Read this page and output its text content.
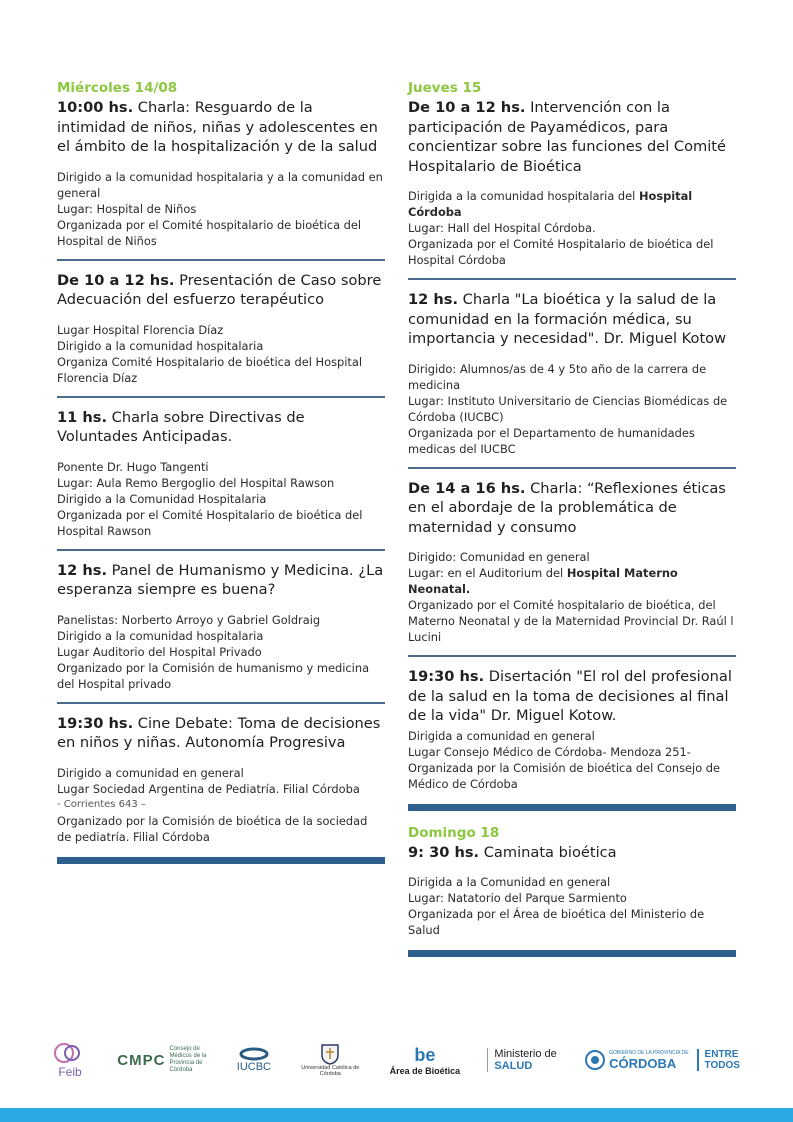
Miércoles 14/08

10:00 hs. Charla: Resguardo de la intimidad de niños, niñas y adolescentes en el ámbito de la hospitalización y de la salud

Dirigido a la comunidad hospitalaria y a la comunidad en general
Lugar: Hospital de Niños
Organizada por el Comité hospitalario de bioética del Hospital de Niños

De 10 a 12 hs. Presentación de Caso sobre Adecuación del esfuerzo terapéutico

Lugar Hospital Florencia Díaz
Dirigido a la comunidad hospitalaria
Organiza Comité Hospitalario de bioética del Hospital Florencia Díaz

11 hs. Charla sobre Directivas de Voluntades Anticipadas.

Ponente Dr. Hugo Tangenti
Lugar: Aula Remo Bergoglio del Hospital Rawson
Dirigido a la Comunidad Hospitalaria
Organizada por el Comité Hospitalario de bioética del Hospital Rawson

12 hs. Panel de Humanismo y Medicina. ¿La esperanza siempre es buena?

Panelistas: Norberto Arroyo y Gabriel Goldraig
Dirigido a la comunidad hospitalaria
Lugar Auditorio del Hospital Privado
Organizado por la Comisión de humanismo y medicina del Hospital privado

19:30 hs. Cine Debate: Toma de decisiones en niños y niñas. Autonomía Progresiva

Dirigido a comunidad en general
Lugar Sociedad Argentina de Pediatría. Filial Córdoba
- Corrientes 643 –
Organizado por la Comisión de bioética de la sociedad de pediatría. Filial Córdoba
Jueves 15

De 10 a 12 hs. Intervención con la participación de Payamédicos, para concientizar sobre las funciones del Comité Hospitalario de Bioética

Dirigida a la comunidad hospitalaria del Hospital Córdoba
Lugar: Hall del Hospital Córdoba.
Organizada por el Comité Hospitalario de bioética del Hospital Córdoba

12 hs. Charla "La bioética y la salud de la comunidad en la formación médica, su importancia y necesidad". Dr. Miguel Kotow

Dirigido: Alumnos/as de 4 y 5to año de la carrera de medicina
Lugar: Instituto Universitario de Ciencias Biomédicas de Córdoba (IUCBC)
Organizada por el Departamento de humanidades medicas del IUCBC

De 14 a 16 hs. Charla: “Reflexiones éticas en el abordaje de la problemática de maternidad y consumo

Dirigido: Comunidad en general
Lugar: en el Auditorium del Hospital Materno Neonatal.
Organizado por el Comité hospitalario de bioética, del Materno Neonatal y de la Maternidad Provincial Dr. Raúl l Lucini

19:30 hs. Disertación "El rol del profesional de la salud en la toma de decisiones al final de la vida" Dr. Miguel Kotow.

Dirigida a comunidad en general
Lugar Consejo Médico de Córdoba- Mendoza 251-
Organizada por la Comisión de bioética del Consejo de Médico de Córdoba
Domingo 18

9: 30 hs. Caminata bioética

Dirigida a la Comunidad en general
Lugar: Natatorio del Parque Sarmiento
Organizada por el Área de bioética del Ministerio de Salud
Feib
CMPC
Consejo de Médicos de la Provincia de Córdoba	IUCBC	Universidad Católica de Córdoba
be
Área de Bioética
Ministerio de
SALUD
GOBIERNO DE LA PROVINCIA DE
CÓRDOBA
ENTRE
TODOS
